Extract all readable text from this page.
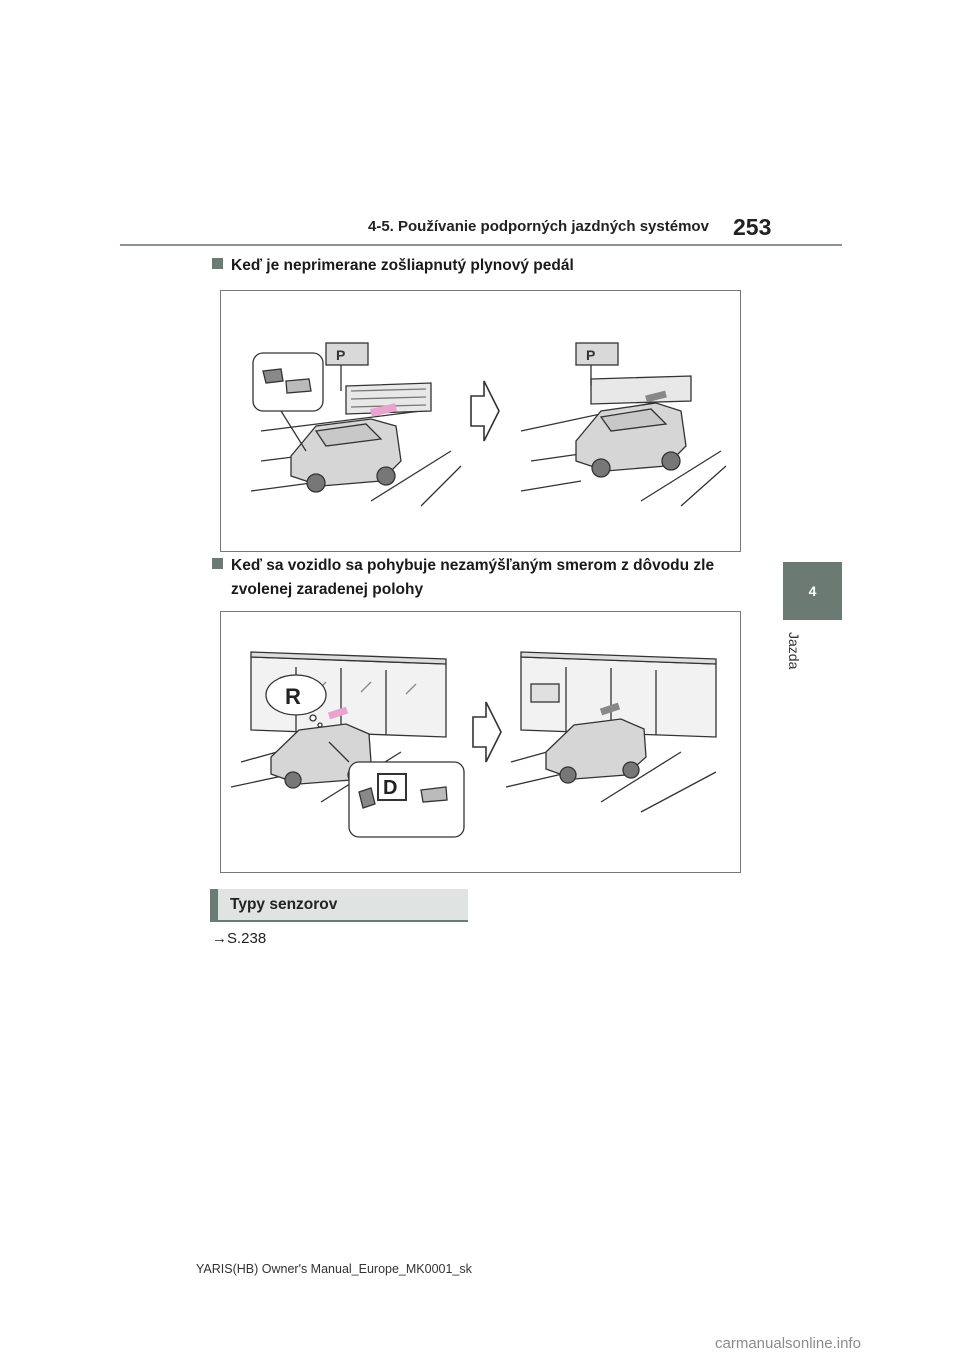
4-5. Používanie podporných jazdných systémov 253
4
Jazda
Keď je neprimerane zošliapnutý plynový pedál
P	P
Keď sa vozidlo sa pohybuje nezamýšľaným smerom z dôvodu zle
zvolenej zaradenej polohy
R
D
Typy senzorov
→S.238
YARIS(HB) Owner's Manual_Europe_MK0001_sk
carmanualsonline.info
